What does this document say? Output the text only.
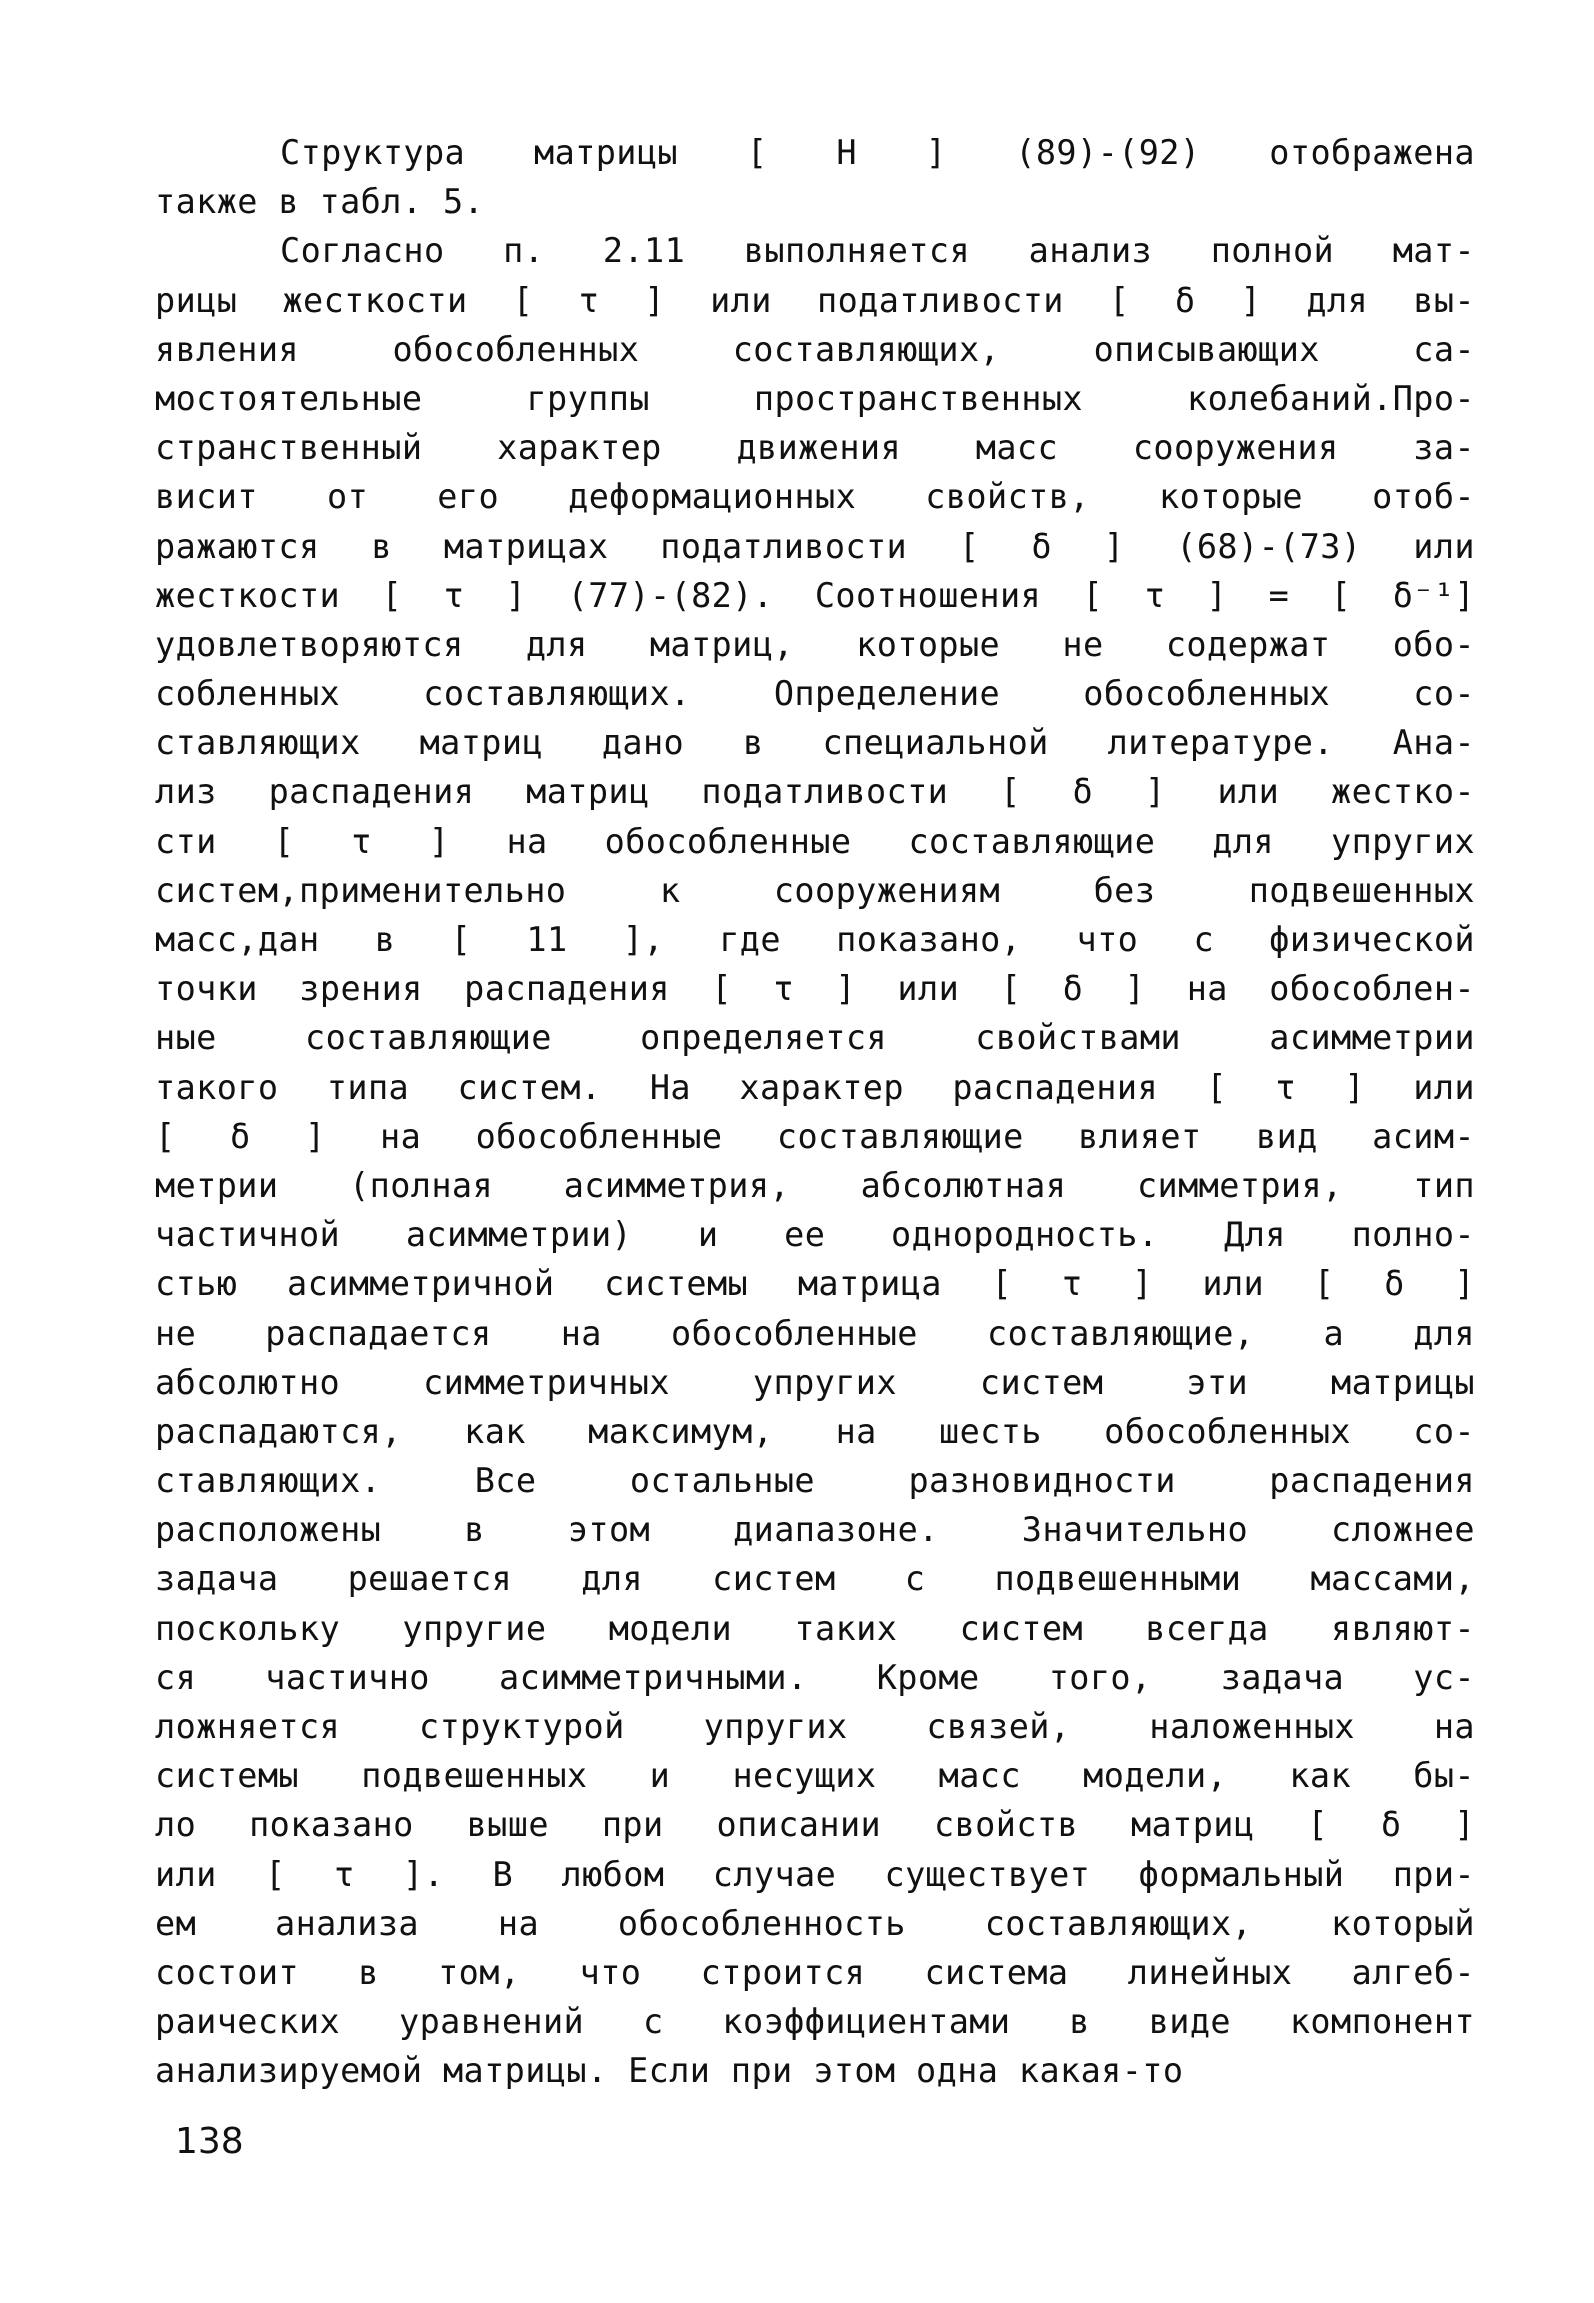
Структура матрицы [ H ] (89)-(92) отображена
также в табл. 5.
Согласно п. 2.11 выполняется анализ полной мат-
рицы жесткости [ τ ] или податливости [ δ ] для вы-
явления обособленных составляющих, описывающих са-
мостоятельные группы пространственных колебаний.Про-
странственный характер движения масс сооружения за-
висит от его деформационных свойств, которые отоб-
ражаются в матрицах податливости [ δ ] (68)-(73) или
жесткости [ τ ] (77)-(82). Соотношения [ τ ] = [ δ⁻¹]
удовлетворяются для матриц, которые не содержат обо-
собленных составляющих. Определение обособленных со-
ставляющих матриц дано в специальной литературе. Ана-
лиз распадения матриц податливости [ δ ] или жестко-
сти [ τ ] на обособленные составляющие для упругих
систем,применительно к сооружениям без подвешенных
масс,дан в [ 11 ], где показано, что с физической
точки зрения распадения [ τ ] или [ δ ] на обособлен-
ные составляющие определяется свойствами асимметрии
такого типа систем. На характер распадения [ τ ] или
[ δ ] на обособленные составляющие влияет вид асим-
метрии (полная асимметрия, абсолютная симметрия, тип
частичной асимметрии) и ее однородность. Для полно-
стью асимметричной системы матрица [ τ ] или [ δ ]
не распадается на обособленные составляющие, а для
абсолютно симметричных упругих систем эти матрицы
распадаются, как максимум, на шесть обособленных со-
ставляющих. Все остальные разновидности распадения
расположены в этом диапазоне. Значительно сложнее
задача решается для систем с подвешенными массами,
поскольку упругие модели таких систем всегда являют-
ся частично асимметричными. Кроме того, задача ус-
ложняется структурой упругих связей, наложенных на
системы подвешенных и несущих масс модели, как бы-
ло показано выше при описании свойств матриц [ δ ]
или [ τ ]. В любом случае существует формальный при-
ем анализа на обособленность составляющих, который
состоит в том, что строится система линейных алгеб-
раических уравнений с коэффициентами в виде компонент
анализируемой матрицы. Если при этом одна какая-то
138
